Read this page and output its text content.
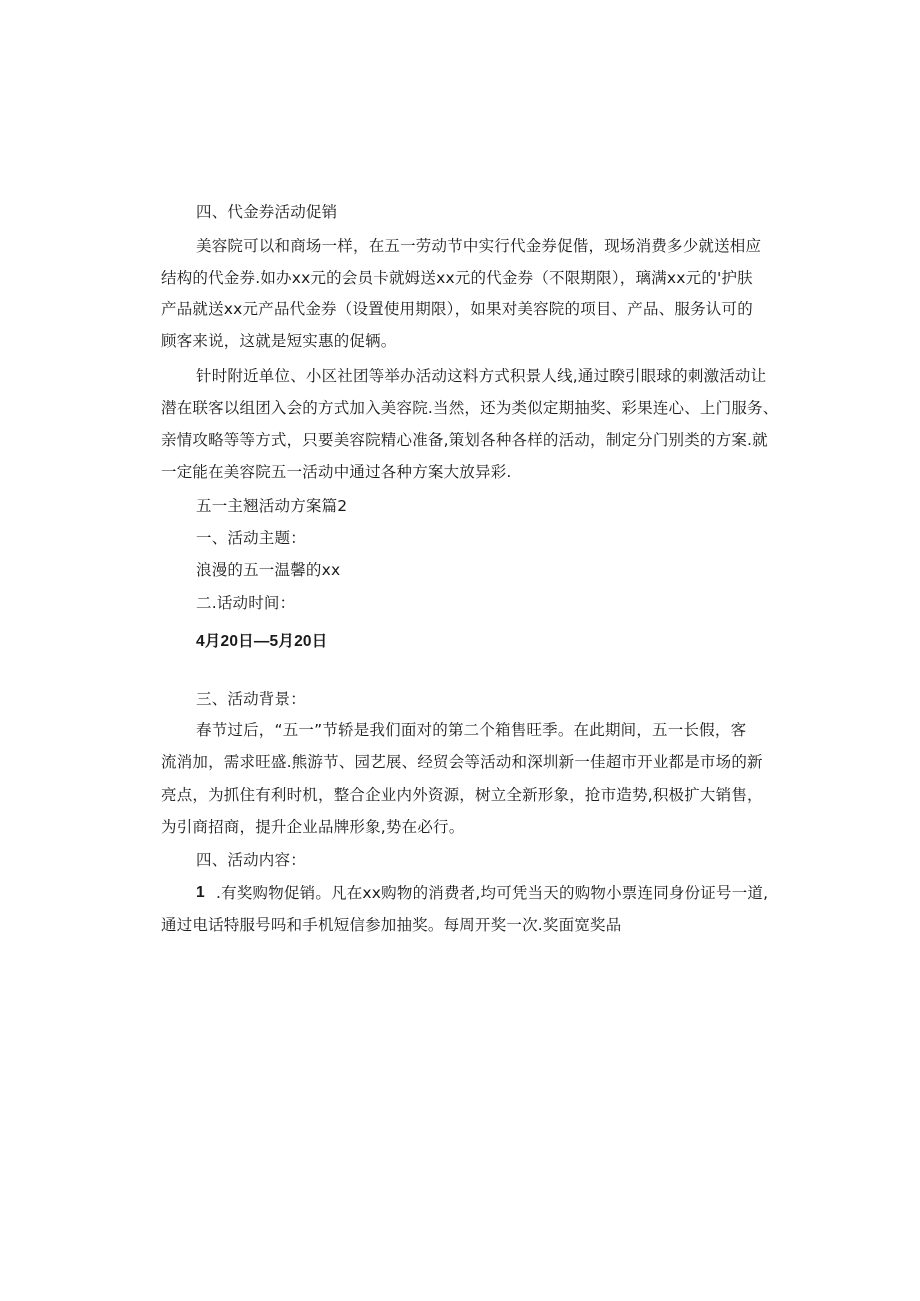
四、代金券活动促销
美容院可以和商场一样，在五一劳动节中实行代金券促偕，现场消费多少就送相应
结构的代金券.如办xx元的会员卡就姆送xx元的代金券（不限期限），璃满xx元的'护肤
产品就送xx元产品代金券（设置使用期限），如果对美容院的项目、产品、服务认可的
顾客来说，这就是短实惠的促辆。
针时附近单位、小区社团等举办活动这料方式积景人线,通过睽引眼球的刺激活动让
潜在联客以组团入会的方式加入美容院.当然，还为类似定期抽奖、彩果连心、上门服务、
亲情攻略等等方式，只要美容院精心准备,策划各种各样的活动，制定分门别类的方案.就
一定能在美容院五一活动中通过各种方案大放异彩.
五一主翘活动方案篇2
一、活动主题：
浪漫的五一温馨的xx
二.话动时间：
4月20日—5月20日
三、活动背景：
春节过后，“五一”节轿是我们面对的第二个箱售旺季。在此期间，五一长假，客
流消加，需求旺盛.熊游节、园艺展、经贸会等活动和深圳新一佳超市开业都是市场的新
亮点，为抓住有利时机，整合企业内外资源，树立全新形象，抢市造势,积极扩大销售，
为引商招商，提升企业品牌形象,势在必行。
四、活动内容：
1 .有奖购物促销。凡在xx购物的消费者,均可凭当天的购物小票连同身份证号一道,
通过电话特服号吗和手机短信参加抽奖。每周开奖一次.奖面宽奖品
